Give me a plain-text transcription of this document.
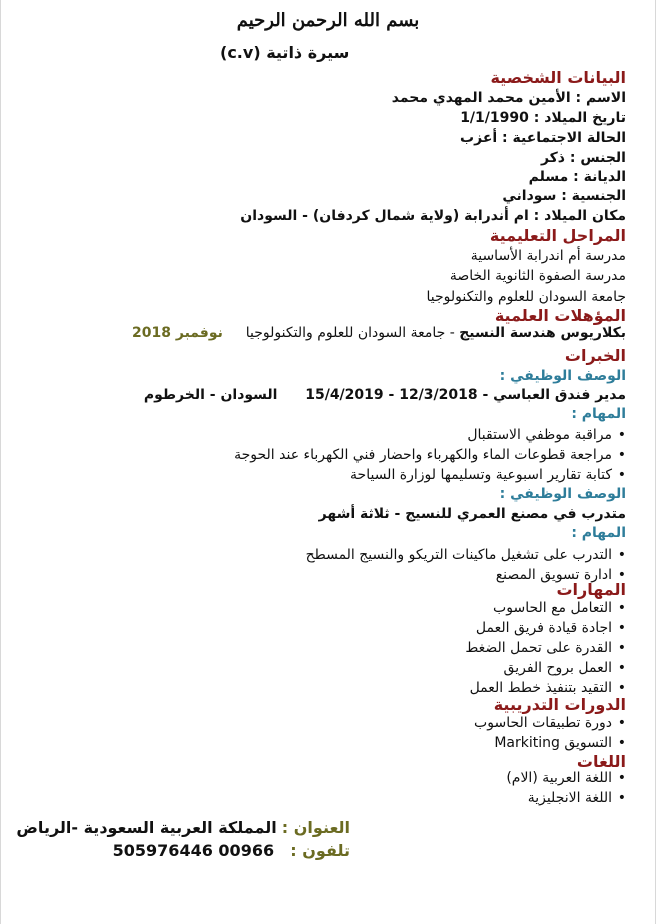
بسم الله الرحمن الرحيم
سيرة ذاتية (c.v)
البيانات الشخصية
الاسم : الأمين محمد المهدي محمد
تاريخ الميلاد : 1/1/1990
الحالة الاجتماعية : أعزب
الجنس : ذكر
الديانة : مسلم
الجنسية : سوداني
مكان الميلاد : ام أندرابة (ولاية شمال كردفان) - السودان
المراحل التعليمية
مدرسة أم اندرابة الأساسية
مدرسة الصفوة الثانوية الخاصة
جامعة السودان للعلوم والتكنولوجيا
المؤهلات العلمية
بكلاريوس هندسة النسيج - جامعة السودان للعلوم والتكنولوجيا  نوفمبر 2018
الخبرات
الوصف الوظيفي :
مدير فندق العباسي - 12/3/2018 - 15/4/2019  السودان - الخرطوم
المهام :
• مراقبة موظفي الاستقبال
• مراجعة قطوعات الماء والكهرباء واحضار فني الكهرباء عند الحوجة
• كتابة تقارير اسبوعية وتسليمها لوزارة السياحة
الوصف الوظيفي :
متدرب في مصنع العمري للنسيج - ثلاثة أشهر
المهام :
• التدرب على تشغيل ماكينات التريكو والنسيج المسطح
• ادارة تسويق المصنع
المهارات
• التعامل مع الحاسوب
• اجادة قيادة فريق العمل
• القدرة على تحمل الضغط
• العمل بروح الفريق
• التقيد بتنفيذ خطط العمل
الدورات التدريبية
• دورة تطبيقات الحاسوب
• التسويق Markiting
اللغات
• اللغة العربية (الام)
• اللغة الانجليزية
العنوان : المملكة العربية السعودية -الرياض
تلفون :  00966 505976446
